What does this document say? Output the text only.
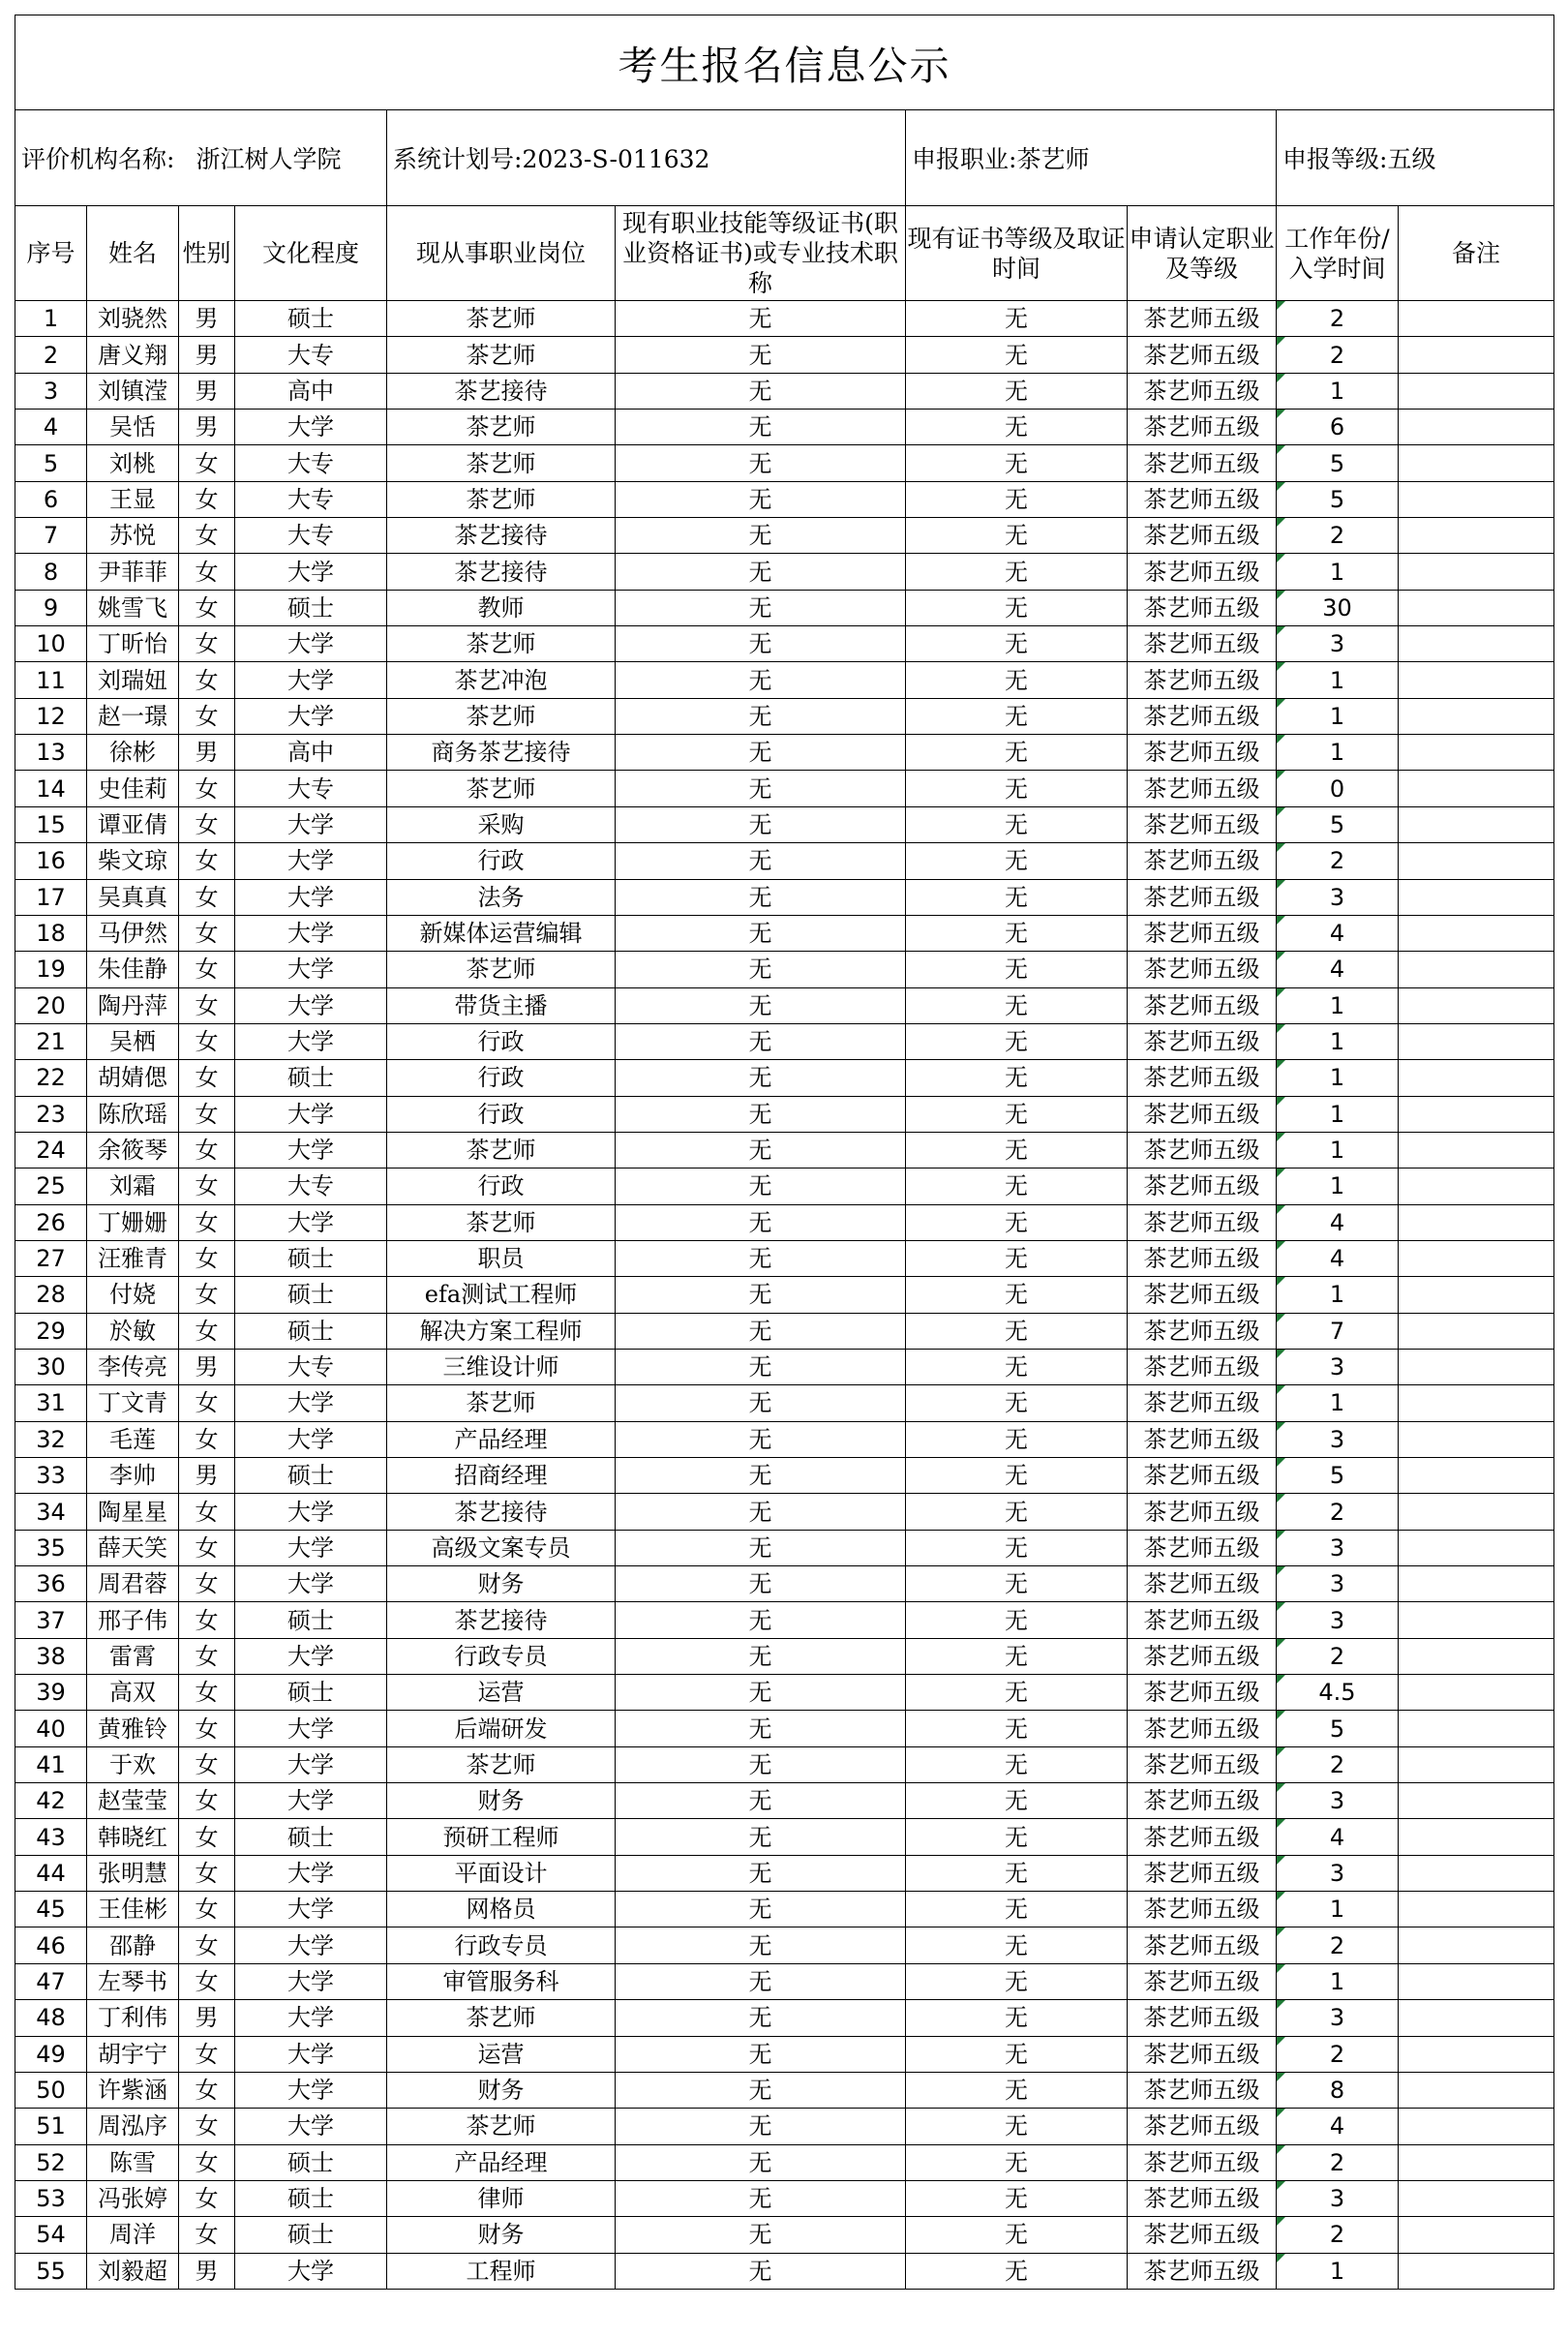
考生报名信息公示									
评价机构名称: 浙江树人学院				系统计划号:2023-S-011632		申报职业:茶艺师		申报等级:五级	
序号	姓名	性别	文化程度	现从事职业岗位	现有职业技能等级证书(职业资格证书)或专业技术职称	现有证书等级及取证时间	申请认定职业及等级	工作年份/入学时间	备注
1	刘骁然	男	硕士	茶艺师	无	无	茶艺师五级	2	
2	唐义翔	男	大专	茶艺师	无	无	茶艺师五级	2	
3	刘镇滢	男	高中	茶艺接待	无	无	茶艺师五级	1	
4	吴恬	男	大学	茶艺师	无	无	茶艺师五级	6	
5	刘桃	女	大专	茶艺师	无	无	茶艺师五级	5	
6	王显	女	大专	茶艺师	无	无	茶艺师五级	5	
7	苏悦	女	大专	茶艺接待	无	无	茶艺师五级	2	
8	尹菲菲	女	大学	茶艺接待	无	无	茶艺师五级	1	
9	姚雪飞	女	硕士	教师	无	无	茶艺师五级	30	
10	丁昕怡	女	大学	茶艺师	无	无	茶艺师五级	3	
11	刘瑞妞	女	大学	茶艺冲泡	无	无	茶艺师五级	1	
12	赵一璟	女	大学	茶艺师	无	无	茶艺师五级	1	
13	徐彬	男	高中	商务茶艺接待	无	无	茶艺师五级	1	
14	史佳莉	女	大专	茶艺师	无	无	茶艺师五级	0	
15	谭亚倩	女	大学	采购	无	无	茶艺师五级	5	
16	柴文琼	女	大学	行政	无	无	茶艺师五级	2	
17	吴真真	女	大学	法务	无	无	茶艺师五级	3	
18	马伊然	女	大学	新媒体运营编辑	无	无	茶艺师五级	4	
19	朱佳静	女	大学	茶艺师	无	无	茶艺师五级	4	
20	陶丹萍	女	大学	带货主播	无	无	茶艺师五级	1	
21	吴栖	女	大学	行政	无	无	茶艺师五级	1	
22	胡婧偲	女	硕士	行政	无	无	茶艺师五级	1	
23	陈欣瑶	女	大学	行政	无	无	茶艺师五级	1	
24	余筱琴	女	大学	茶艺师	无	无	茶艺师五级	1	
25	刘霜	女	大专	行政	无	无	茶艺师五级	1	
26	丁姗姗	女	大学	茶艺师	无	无	茶艺师五级	4	
27	汪雅青	女	硕士	职员	无	无	茶艺师五级	4	
28	付娆	女	硕士	efa测试工程师	无	无	茶艺师五级	1	
29	於敏	女	硕士	解决方案工程师	无	无	茶艺师五级	7	
30	李传亮	男	大专	三维设计师	无	无	茶艺师五级	3	
31	丁文青	女	大学	茶艺师	无	无	茶艺师五级	1	
32	毛莲	女	大学	产品经理	无	无	茶艺师五级	3	
33	李帅	男	硕士	招商经理	无	无	茶艺师五级	5	
34	陶星星	女	大学	茶艺接待	无	无	茶艺师五级	2	
35	薛天笑	女	大学	高级文案专员	无	无	茶艺师五级	3	
36	周君蓉	女	大学	财务	无	无	茶艺师五级	3	
37	邢子伟	女	硕士	茶艺接待	无	无	茶艺师五级	3	
38	雷霄	女	大学	行政专员	无	无	茶艺师五级	2	
39	高双	女	硕士	运营	无	无	茶艺师五级	4.5	
40	黄雅铃	女	大学	后端研发	无	无	茶艺师五级	5	
41	于欢	女	大学	茶艺师	无	无	茶艺师五级	2	
42	赵莹莹	女	大学	财务	无	无	茶艺师五级	3	
43	韩晓红	女	硕士	预研工程师	无	无	茶艺师五级	4	
44	张明慧	女	大学	平面设计	无	无	茶艺师五级	3	
45	王佳彬	女	大学	网格员	无	无	茶艺师五级	1	
46	邵静	女	大学	行政专员	无	无	茶艺师五级	2	
47	左琴书	女	大学	审管服务科	无	无	茶艺师五级	1	
48	丁利伟	男	大学	茶艺师	无	无	茶艺师五级	3	
49	胡宇宁	女	大学	运营	无	无	茶艺师五级	2	
50	许紫涵	女	大学	财务	无	无	茶艺师五级	8	
51	周泓序	女	大学	茶艺师	无	无	茶艺师五级	4	
52	陈雪	女	硕士	产品经理	无	无	茶艺师五级	2	
53	冯张婷	女	硕士	律师	无	无	茶艺师五级	3	
54	周洋	女	硕士	财务	无	无	茶艺师五级	2	
55	刘毅超	男	大学	工程师	无	无	茶艺师五级	1	
